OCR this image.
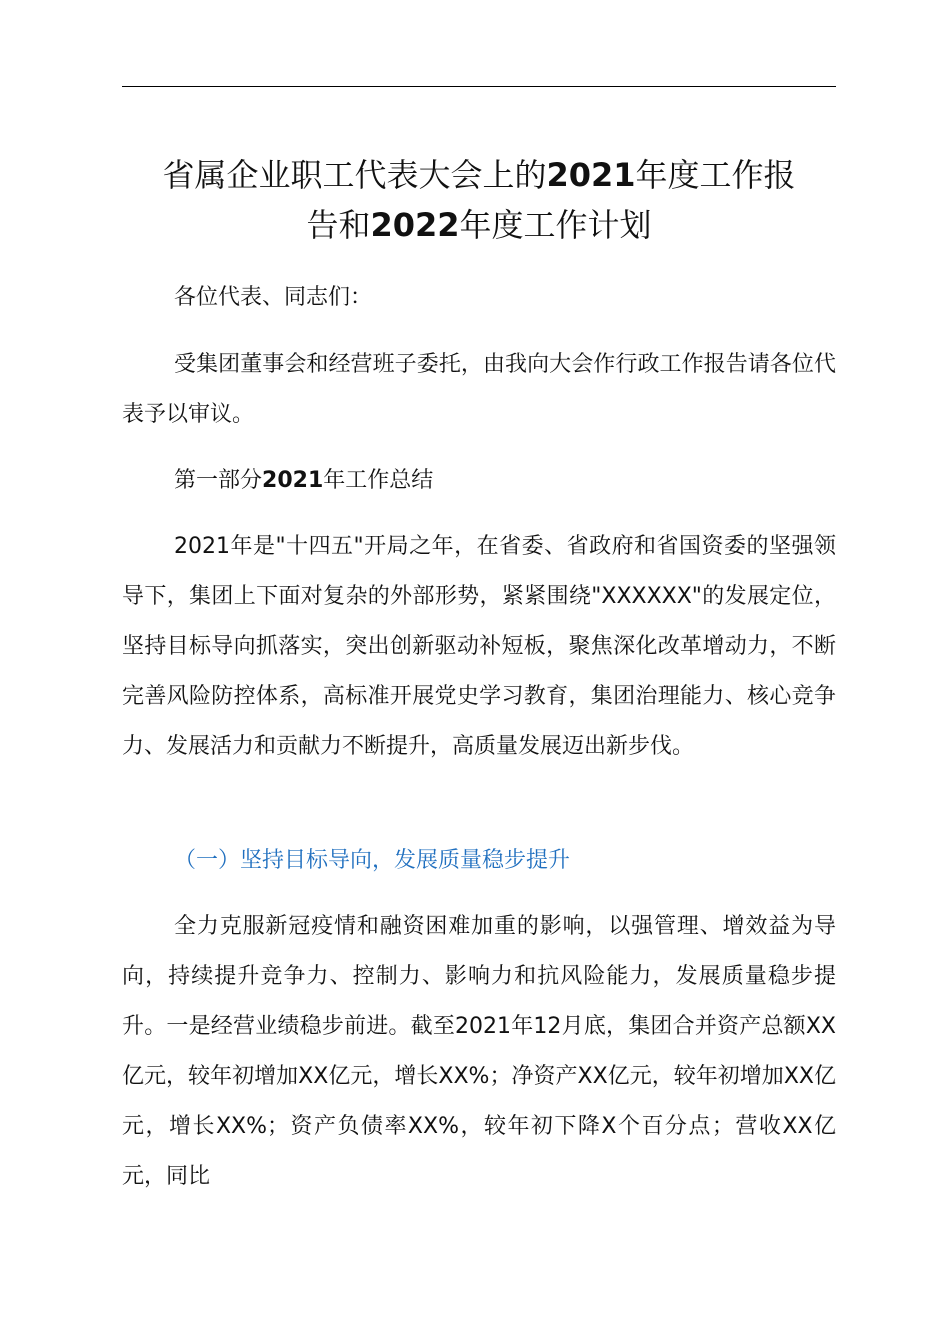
省属企业职工代表大会上的2021年度工作报
告和2022年度工作计划
各位代表、同志们：
受集团董事会和经营班子委托，由我向大会作行政工作报告请各位代表予以审议。
第一部分2021年工作总结
2021年是"十四五"开局之年，在省委、省政府和省国资委的坚强领导下，集团上下面对复杂的外部形势，紧紧围绕"XXXXXX"的发展定位，坚持目标导向抓落实，突出创新驱动补短板，聚焦深化改革增动力，不断完善风险防控体系，高标准开展党史学习教育，集团治理能力、核心竞争力、发展活力和贡献力不断提升，高质量发展迈出新步伐。
（一）坚持目标导向，发展质量稳步提升
全力克服新冠疫情和融资困难加重的影响，以强管理、增效益为导向，持续提升竞争力、控制力、影响力和抗风险能力，发展质量稳步提升。一是经营业绩稳步前进。截至2021年12月底，集团合并资产总额XX亿元，较年初增加XX亿元，增长XX%；净资产XX亿元，较年初增加XX亿元，增长XX%；资产负债率XX%，较年初下降X个百分点；营收XX亿元，同比
